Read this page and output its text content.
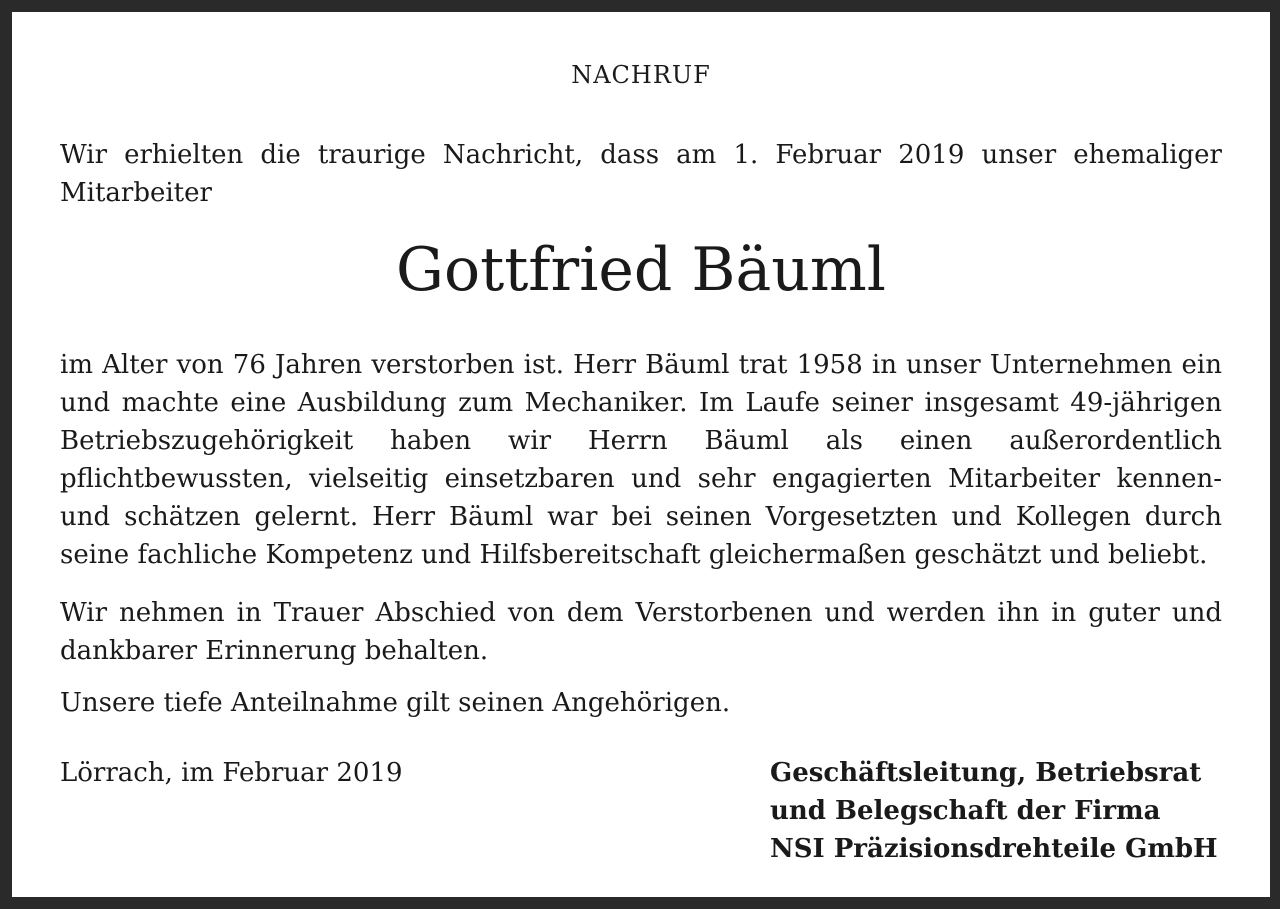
NACHRUF
Wir erhielten die traurige Nachricht, dass am 1. Februar 2019 unser ehemaliger Mitarbeiter
Gottfried Bäuml
im Alter von 76 Jahren verstorben ist. Herr Bäuml trat 1958 in unser Unternehmen ein und machte eine Ausbildung zum Mechaniker. Im Laufe seiner insgesamt 49-jährigen Betriebszugehörigkeit haben wir Herrn Bäuml als einen außerordentlich pflichtbewussten, vielseitig einsetzbaren und sehr engagierten Mitarbeiter kennen- und schätzen gelernt. Herr Bäuml war bei seinen Vorgesetzten und Kollegen durch seine fachliche Kompetenz und Hilfsbereitschaft gleichermaßen geschätzt und beliebt.
Wir nehmen in Trauer Abschied von dem Verstorbenen und werden ihn in guter und dankbarer Erinnerung behalten.
Unsere tiefe Anteilnahme gilt seinen Angehörigen.
Lörrach, im Februar 2019	Geschäftsleitung, Betriebsrat
und Belegschaft der Firma
NSI Präzisionsdrehteile GmbH
